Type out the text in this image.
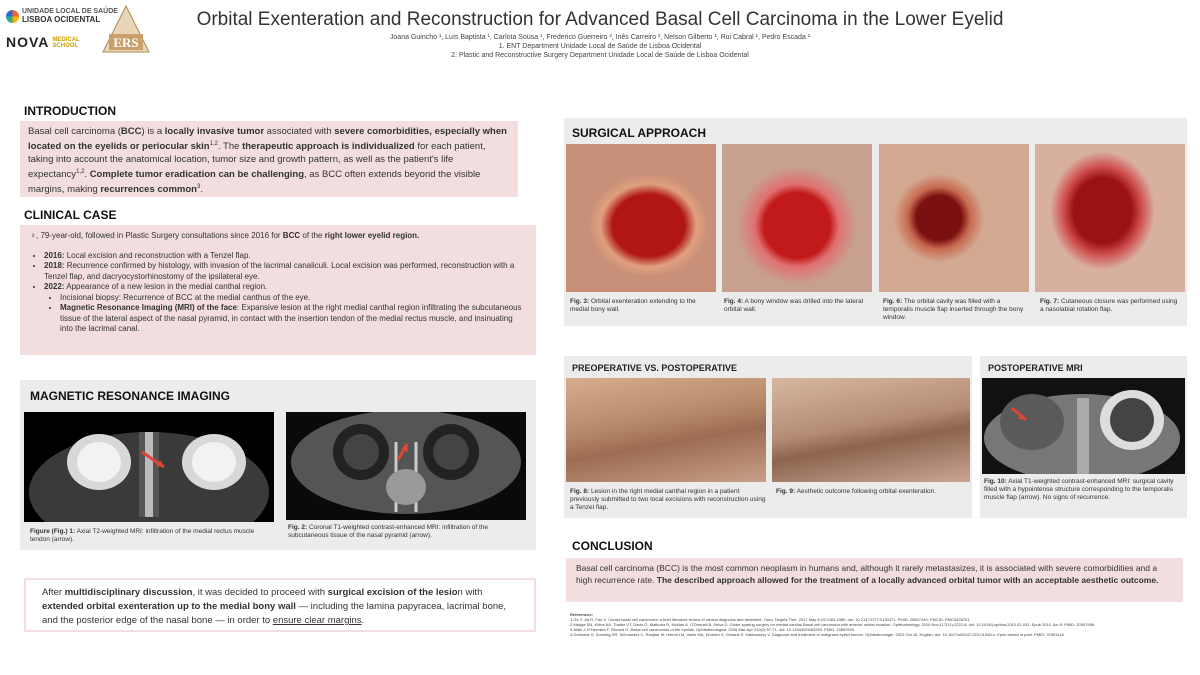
UNIDADE LOCAL DE SAÚDE
LISBOA OCIDENTAL
NOVA MEDICAL
SCHOOL	ERS
Orbital Exenteration and Reconstruction for Advanced Basal Cell Carcinoma in the Lower Eyelid
Joana Guincho ¹, Luís Baptista ¹, Carlota Sousa ¹, Frederico Guerreiro ², Inês Carreiro ², Nelson Gilberto ¹, Rui Cabral ¹, Pedro Escada ¹
1. ENT Department Unidade Local de Saúde de Lisboa Ocidental
2. Plastic and Reconstructive Surgery Department Unidade Local de Saúde de Lisboa Ocidental
INTRODUCTION
Basal cell carcinoma (BCC) is a locally invasive tumor associated with severe comorbidities, especially when located on the eyelids or periocular skin$^{1,2}$. The therapeutic approach is individualized for each patient, taking into account the anatomical location, tumor size and growth pattern, as well as the patient's life expectancy$^{1,2}$. Complete tumor eradication can be challenging, as BCC often extends beyond the visible margins, making recurrences common$^3$.
CLINICAL CASE
♀, 79-year-old, followed in Plastic Surgery consultations since 2016 for BCC of the right lower eyelid region.
• 2016: Local excision and reconstruction with a Tenzel flap.
• 2018: Recurrence confirmed by histology, with invasion of the lacrimal canaliculi. Local excision was performed, reconstruction with a Tenzel flap, and dacryocystorhinostomy of the ipsilateral eye.
• 2022: Appearance of a new lesion in the medial canthal region.
• Incisional biopsy: Recurrence of BCC at the medial canthus of the eye.
• Magnetic Resonance Imaging (MRI) of the face: Expansive lesion at the right medial canthal region infiltrating the subcutaneous tissue of the lateral aspect of the nasal pyramid, in contact with the insertion tendon of the medial rectus muscle, and insinuating into the lacrimal canal.
MAGNETIC RESONANCE IMAGING
Figure (Fig.) 1: Axial T2-weighted MRI: infiltration of the medial rectus muscle tendon (arrow).
Fig. 2: Coronal T1-weighted contrast-enhanced MRI: infiltration of the subcutaneous tissue of the nasal pyramid (arrow).
After multidisciplinary discussion, it was decided to proceed with surgical excision of the lesion with extended orbital exenteration up to the medial bony wall — including the lamina papyracea, lacrimal bone, and the posterior edge of the nasal bone — in order to ensure clear margins.
SURGICAL APPROACH
Fig. 3: Orbital exenteration extending to the medial bony wall.
Fig. 4: A bony window was drilled into the lateral orbital wall.
Fig. 6: The orbital cavity was filled with a temporalis muscle flap inserted through the bony window.
Fig. 7: Cutaneous closure was performed using a nasolabial rotation flap.
PREOPERATIVE VS. POSTOPERATIVE
Fig. 8: Lesion in the right medial canthal region in a patient previously submitted to two local excisions with reconstruction using a Tenzel flap.
Fig. 9: Aesthetic outcome following orbital exenteration.
POSTOPERATIVE MRI
Fig. 10: Axial T1-weighted contrast-enhanced MRI: surgical cavity filled with a hypointense structure corresponding to the temporalis muscle flap (arrow). No signs of recurrence.
CONCLUSION
Basal cell carcinoma (BCC) is the most common neoplasm in humans and, although it rarely metastasizes, it is associated with severe comorbidities and a high recurrence rate. The described approach allowed for the treatment of a locally advanced orbital tumor with an acceptable aesthetic outcome.
References:
1.Ge Y, Jia R, Fan X. Ocular basal cell carcinoma: a brief literature review of clinical diagnosis and treatment. Onco Targets Ther. 2017 May 8;10:2483-2489. doi: 10.2147/OTT.S130371. PMID: 28507440; PMCID: PMC5428761.
2.Madge SN, Khine AA, Thaller VT, Davis G, Malhotra R, McNab A, O'Donnell B, Selva D. Globe-sparing surgery for medial canthal Basal cell carcinoma with anterior orbital invasion. Ophthalmology. 2010 Nov;117(11):2222-8. doi: 10.1016/j.ophtha.2010.02.033. Epub 2010 Jun 8. PMID: 20557956.
3.Allali J, D'Hermies F, Renard G. Basal cell carcinomas of the eyelids. Ophthalmologica. 2005 Mar-Apr;219(2):57-71. doi: 10.1159/000083263. PMID: 15802929.
4.Greismar S, Sonntag SR, Schonwerz C, Ranjbar M, Heindl LM, Vanle MA, Emmert S, Grisanti S, Kakkassery V. Diagnosis and treatment of malignant eyelid tumors. Ophthalmologie. 2023 Oct 18. English. doi: 10.1007/s00347-023-01945-x. Epub ahead of print. PMID: 37851118.
